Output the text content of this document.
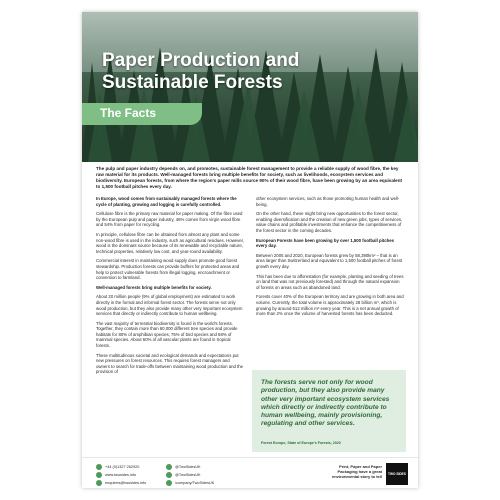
Paper Production and
Sustainable Forests
The Facts
The pulp and paper industry depends on, and promotes, sustainable forest management to provide a reliable supply of wood fibre, the key raw material for its products. Well-managed forests bring multiple benefits for society, such as livelihoods, ecosystem services and biodiversity. European forests, from where the region's paper mills source 90% of their wood fibre, have been growing by an area equivalent to 1,500 football pitches every day.

In Europe, wood comes from sustainably managed forests where the cycle of planting, growing and logging is carefully controlled.

Cellulose fibre is the primary raw material for paper making. Of the fibre used by the European pulp and paper industry, 46% comes from virgin wood fibre and 54% from paper for recycling.

In principle, cellulose fibre can be obtained from almost any plant and some non-wood fibre is used in the industry, such as agricultural residues. However, wood is the dominant source because of its renewable and recyclable nature, technical properties, relatively low cost, and year-round availability.

Commercial interest in maintaining wood supply does promote good forest stewardship. Production forests can provide buffers for protected areas and help to protect vulnerable forests from illegal logging, encroachment or conversion to farmland.

Well-managed forests bring multiple benefits for society.

About 20 million people (9% of global employment) are estimated to work directly in the formal and informal forest sector. The forests serve not only wood production, but they also provide many other very important ecosystem services that directly or indirectly contribute to human wellbeing.

The vast majority of terrestrial biodiversity is found in the world's forests. Together, they contain more than 60,000 different tree species and provide habitats for 80% of amphibian species, 75% of bird species and 68% of mammal species. About 60% of all vascular plants are found in tropical forests.

These multitudinous societal and ecological demands and expectations put new pressures on forest resources. This requires forest managers and owners to search for trade-offs between maintaining wood production and the provision of

other ecosystem services, such as those promoting human health and well-being.

On the other hand, these might bring new opportunities to the forest sector, enabling diversification and the creation of new green jobs, types of services, value chains and profitable investments that enhance the competitiveness of the forest sector in the coming decades.

European Forests have been growing by over 1,500 football pitches every day.

Between 2005 and 2020, European forests grew by 58,390km² – that is an area larger than Switzerland and equivalent to 1,500 football pitches of forest growth every day.

This has been due to afforestation (for example, planting and seeding of trees on land that was not previously forested) and through the natural expansion of forests on areas such as abandoned land.

Forests cover 40% of the European territory and are growing in both area and volume. Currently, the total volume is approximately 28 billion m³, which is growing by around 612 million m³ every year. This is a net annual growth of more than 2% once the volume of harvested forests has been deducted.

The forests serve not only for wood production, but they also provide many other very important ecosystem services which directly or indirectly contribute to human wellbeing, mainly provisioning, regulating and other services.
Forest Europe, State of Europe's Forests, 2020
+44 (0)1327 262920
www.twosides.info
enquiries@twosides.info
@TwoSidesUK
@TwoSidesUK
/company/TwoSidesUK
Print, Paper and Paper Packaging have a great environmental story to tell TWO SIDES
